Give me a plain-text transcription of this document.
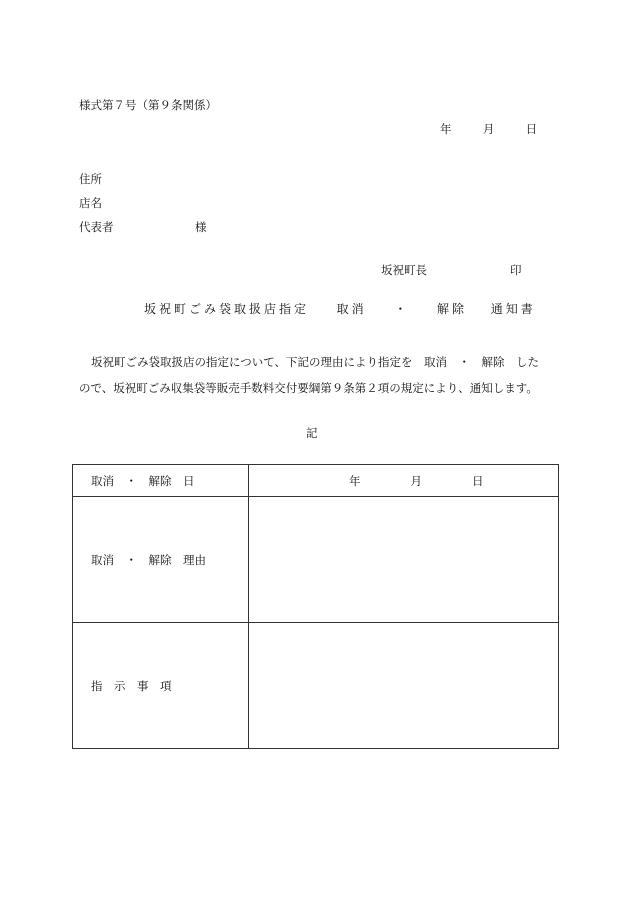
様式第７号（第９条関係）
年	月	日
住所
店名
代表者	様
坂祝町長	印
坂祝町ごみ袋取扱店指定 取消 ・ 解除 通知書
坂祝町ごみ袋取扱店の指定について、下記の理由により指定を　取消　・　解除　したので、坂祝町ごみ収集袋等販売手数料交付要綱第９条第２項の規定により、通知します。
記
取消　・　解除　日	年 月 日
取消　・　解除　理由	
指　示　事　項	
